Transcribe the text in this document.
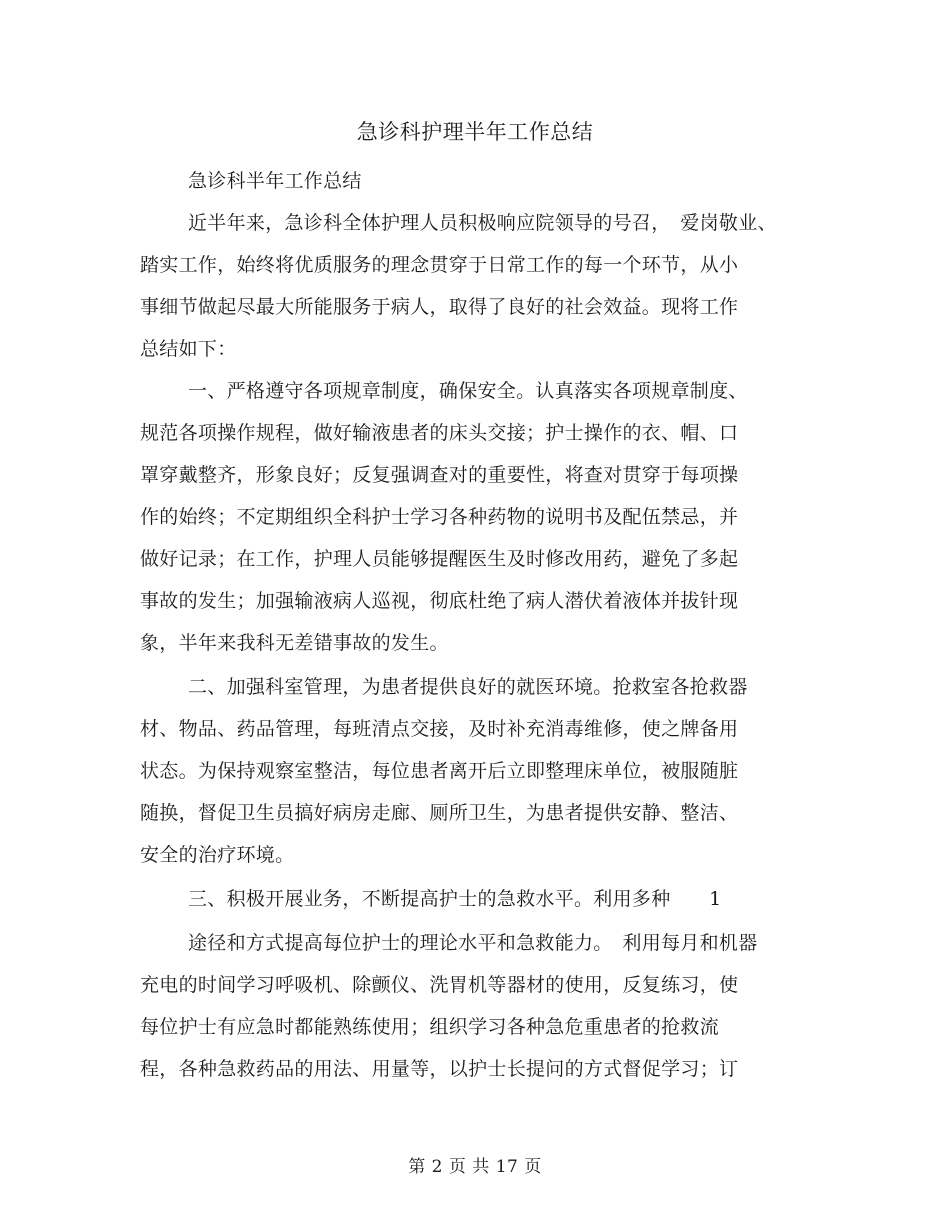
急诊科护理半年工作总结
急诊科半年工作总结
近半年来，急诊科全体护理人员积极响应院领导的号召，　爱岗敬业、
踏实工作，始终将优质服务的理念贯穿于日常工作的每一个环节，从小
事细节做起尽最大所能服务于病人，取得了良好的社会效益。现将工作
总结如下：
一、严格遵守各项规章制度，确保安全。认真落实各项规章制度、
规范各项操作规程，做好输液患者的床头交接；护士操作的衣、帽、口
罩穿戴整齐，形象良好；反复强调查对的重要性，将查对贯穿于每项操
作的始终；不定期组织全科护士学习各种药物的说明书及配伍禁忌，并
做好记录；在工作，护理人员能够提醒医生及时修改用药，避免了多起
事故的发生；加强输液病人巡视，彻底杜绝了病人潜伏着液体并拔针现
象，半年来我科无差错事故的发生。
二、加强科室管理，为患者提供良好的就医环境。抢救室各抢救器
材、物品、药品管理，每班清点交接，及时补充消毒维修，使之牌备用
状态。为保持观察室整洁，每位患者离开后立即整理床单位，被服随脏
随换，督促卫生员搞好病房走廊、厕所卫生，为患者提供安静、整洁、
安全的治疗环境。
三、积极开展业务，不断提高护士的急救水平。利用多种　　1
途径和方式提高每位护士的理论水平和急救能力。　利用每月和机器
充电的时间学习呼吸机、除颤仪、洗胃机等器材的使用，反复练习，使
每位护士有应急时都能熟练使用；组织学习各种急危重患者的抢救流
程，各种急救药品的用法、用量等，以护士长提问的方式督促学习；订
第 2 页 共 17 页
